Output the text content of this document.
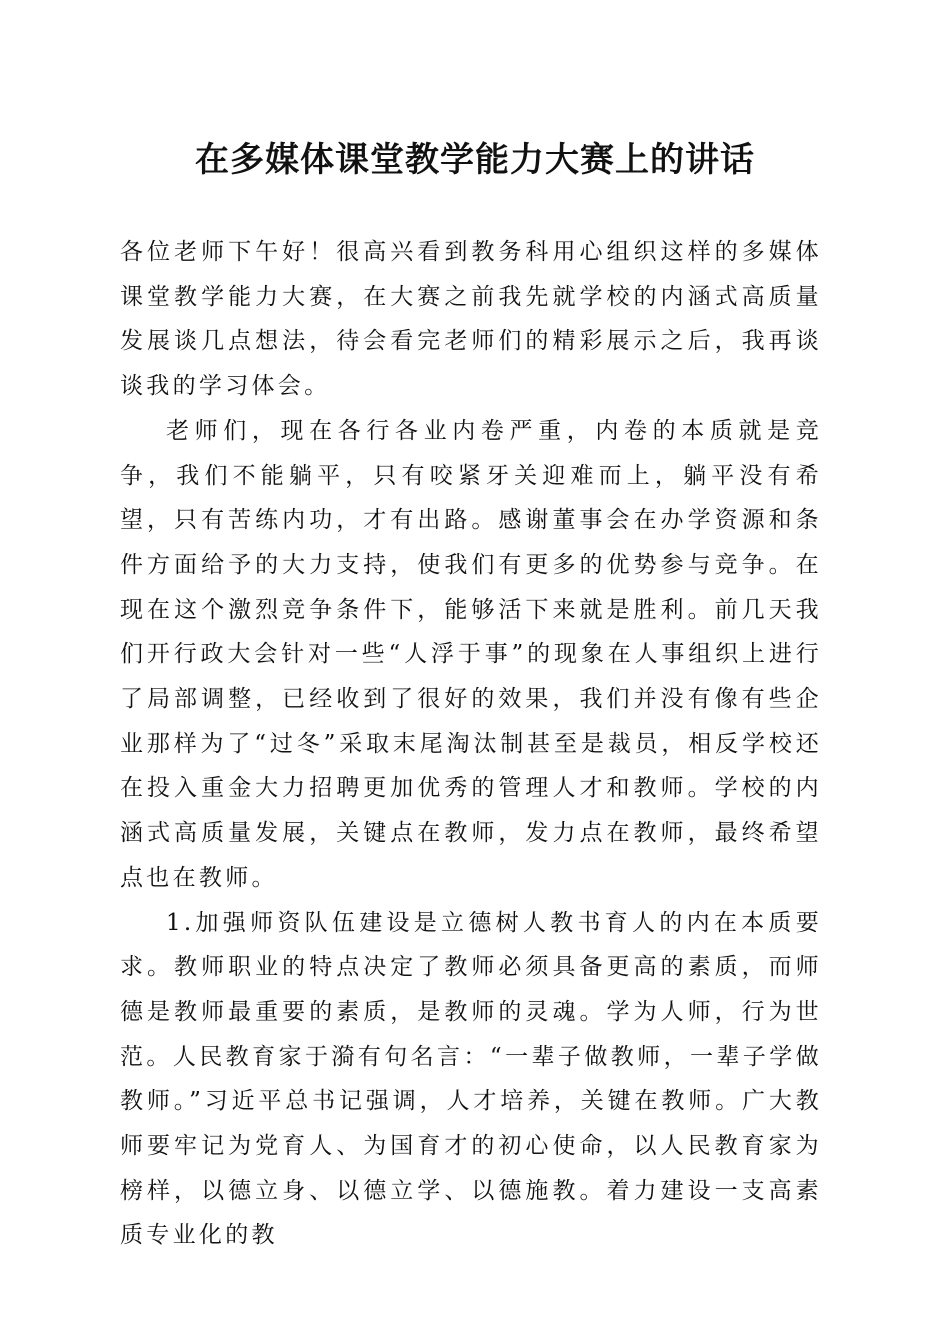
在多媒体课堂教学能力大赛上的讲话

各位老师下午好！很高兴看到教务科用心组织这样的多媒体课堂教学能力大赛，在大赛之前我先就学校的内涵式高质量发展谈几点想法，待会看完老师们的精彩展示之后，我再谈谈我的学习体会。

老师们，现在各行各业内卷严重，内卷的本质就是竞争，我们不能躺平，只有咬紧牙关迎难而上，躺平没有希望，只有苦练内功，才有出路。感谢董事会在办学资源和条件方面给予的大力支持，使我们有更多的优势参与竞争。在现在这个激烈竞争条件下，能够活下来就是胜利。前几天我们开行政大会针对一些“人浮于事”的现象在人事组织上进行了局部调整，已经收到了很好的效果，我们并没有像有些企业那样为了“过冬”采取末尾淘汰制甚至是裁员，相反学校还在投入重金大力招聘更加优秀的管理人才和教师。学校的内涵式高质量发展，关键点在教师，发力点在教师，最终希望点也在教师。

1.加强师资队伍建设是立德树人教书育人的内在本质要求。教师职业的特点决定了教师必须具备更高的素质，而师德是教师最重要的素质，是教师的灵魂。学为人师，行为世范。人民教育家于漪有句名言：“一辈子做教师，一辈子学做教师。”习近平总书记强调，人才培养，关键在教师。广大教师要牢记为党育人、为国育才的初心使命，以人民教育家为榜样，以德立身、以德立学、以德施教。着力建设一支高素质专业化的教
